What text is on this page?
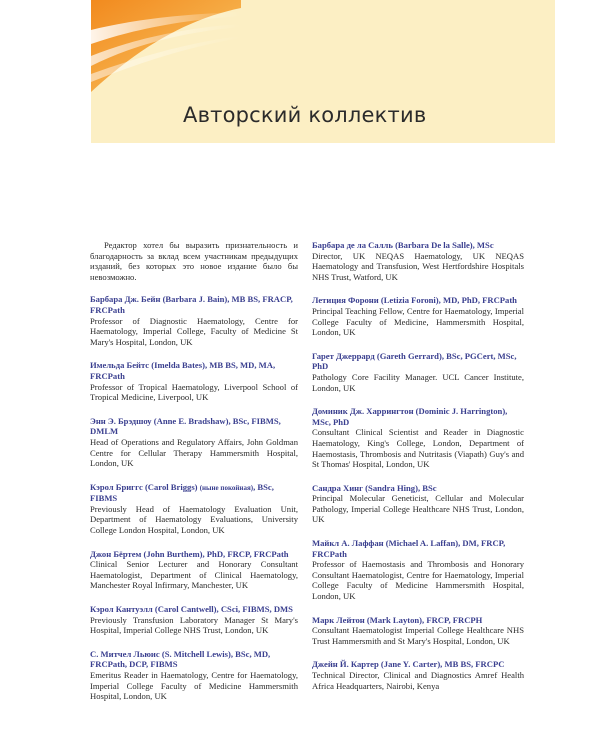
Авторский коллектив

Редактор хотел бы выразить признательность и благодарность за вклад всем участникам предыдущих изданий, без которых это новое издание было бы невозможно.

Барбара Дж. Бейн (Barbara J. Bain), MB BS, FRACP, FRCPath
Professor of Diagnostic Haematology, Centre for Haematology, Imperial College, Faculty of Medicine St Mary's Hospital, London, UK
Имельда Бейтс (Imelda Bates), MB BS, MD, MA, FRCPath
Professor of Tropical Haematology, Liverpool School of Tropical Medicine, Liverpool, UK
Энн Э. Брэдшоу (Anne E. Bradshaw), BSc, FIBMS, DMLM
Head of Operations and Regulatory Affairs, John Goldman Centre for Cellular Therapy Hammersmith Hospital, London, UK
Кэрол Бриггс (Carol Briggs) (ныне покойная), BSc, FIBMS
Previously Head of Haematology Evaluation Unit, Department of Haematology Evaluations, University College London Hospital, London, UK
Джон Бёртем (John Burthem), PhD, FRCP, FRCPath
Clinical Senior Lecturer and Honorary Consultant Haematologist, Department of Clinical Haematology, Manchester Royal Infirmary, Manchester, UK
Кэрол Кантуэлл (Carol Cantwell), CSci, FIBMS, DMS
Previously Transfusion Laboratory Manager St Mary's Hospital, Imperial College NHS Trust, London, UK
С. Митчел Льюис (S. Mitchell Lewis), BSc, MD, FRCPath, DCP, FIBMS
Emeritus Reader in Haematology, Centre for Haematology, Imperial College Faculty of Medicine Hammersmith Hospital, London, UK
Барбара де ла Салль (Barbara De la Salle), MSc
Director, UK NEQAS Haematology, UK NEQAS Haematology and Transfusion, West Hertfordshire Hospitals NHS Trust, Watford, UK
Летиция Форони (Letizia Foroni), MD, PhD, FRCPath
Principal Teaching Fellow, Centre for Haematology, Imperial College Faculty of Medicine, Hammersmith Hospital, London, UK
Гарет Джеррард (Gareth Gerrard), BSc, PGCert, MSc, PhD
Pathology Core Facility Manager. UCL Cancer Institute, London, UK
Доминик Дж. Харрингтон (Dominic J. Harrington), MSc, PhD
Consultant Clinical Scientist and Reader in Diagnostic Haematology, King's College, London, Department of Haemostasis, Thrombosis and Nutritasis (Viapath) Guy's and St Thomas' Hospital, London, UK
Сандра Хинг (Sandra Hing), BSc
Principal Molecular Geneticist, Cellular and Molecular Pathology, Imperial College Healthcare NHS Trust, London, UK
Майкл А. Лаффан (Michael A. Laffan), DM, FRCP, FRCPath
Professor of Haemostasis and Thrombosis and Honorary Consultant Haematologist, Centre for Haematology, Imperial College Faculty of Medicine Hammersmith Hospital, London, UK
Марк Лейтон (Mark Layton), FRCP, FRCPH
Consultant Haematologist Imperial College Healthcare NHS Trust Hammersmith and St Mary's Hospital, London, UK
Джейн Й. Картер (Jane Y. Carter), MB BS, FRCPC
Technical Director, Clinical and Diagnostics Amref Health Africa Headquarters, Nairobi, Kenya
